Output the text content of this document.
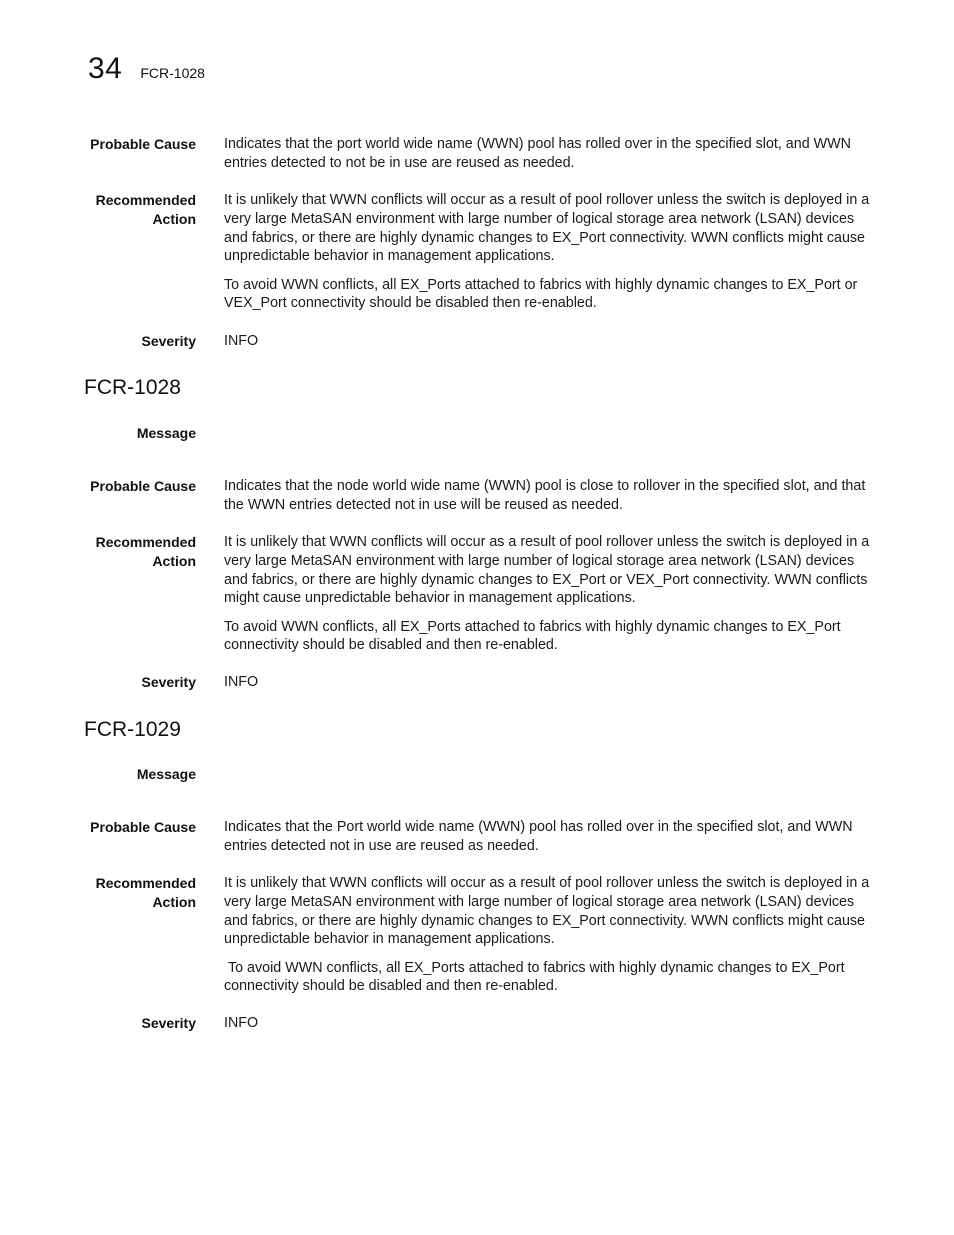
34 FCR-1028
Probable Cause Indicates that the port world wide name (WWN) pool has rolled over in the specified slot, and WWN entries detected to not be in use are reused as needed.

Recommended Action

It is unlikely that WWN conflicts will occur as a result of pool rollover unless the switch is deployed in a very large MetaSAN environment with large number of logical storage area network (LSAN) devices and fabrics, or there are highly dynamic changes to EX_Port connectivity. WWN conflicts might cause unpredictable behavior in management applications.

To avoid WWN conflicts, all EX_Ports attached to fabrics with highly dynamic changes to EX_Port or VEX_Port connectivity should be disabled then re-enabled.

Severity INFO
FCR-1028
Message
Probable Cause Indicates that the node world wide name (WWN) pool is close to rollover in the specified slot, and that the WWN entries detected not in use will be reused as needed.

Recommended Action

It is unlikely that WWN conflicts will occur as a result of pool rollover unless the switch is deployed in a very large MetaSAN environment with large number of logical storage area network (LSAN) devices and fabrics, or there are highly dynamic changes to EX_Port or VEX_Port connectivity. WWN conflicts might cause unpredictable behavior in management applications.

To avoid WWN conflicts, all EX_Ports attached to fabrics with highly dynamic changes to EX_Port connectivity should be disabled and then re-enabled.

Severity INFO
FCR-1029
Message
Probable Cause Indicates that the Port world wide name (WWN) pool has rolled over in the specified slot, and WWN entries detected not in use are reused as needed.

Recommended Action

It is unlikely that WWN conflicts will occur as a result of pool rollover unless the switch is deployed in a very large MetaSAN environment with large number of logical storage area network (LSAN) devices and fabrics, or there are highly dynamic changes to EX_Port connectivity. WWN conflicts might cause unpredictable behavior in management applications.

To avoid WWN conflicts, all EX_Ports attached to fabrics with highly dynamic changes to EX_Port connectivity should be disabled and then re-enabled.

Severity INFO
